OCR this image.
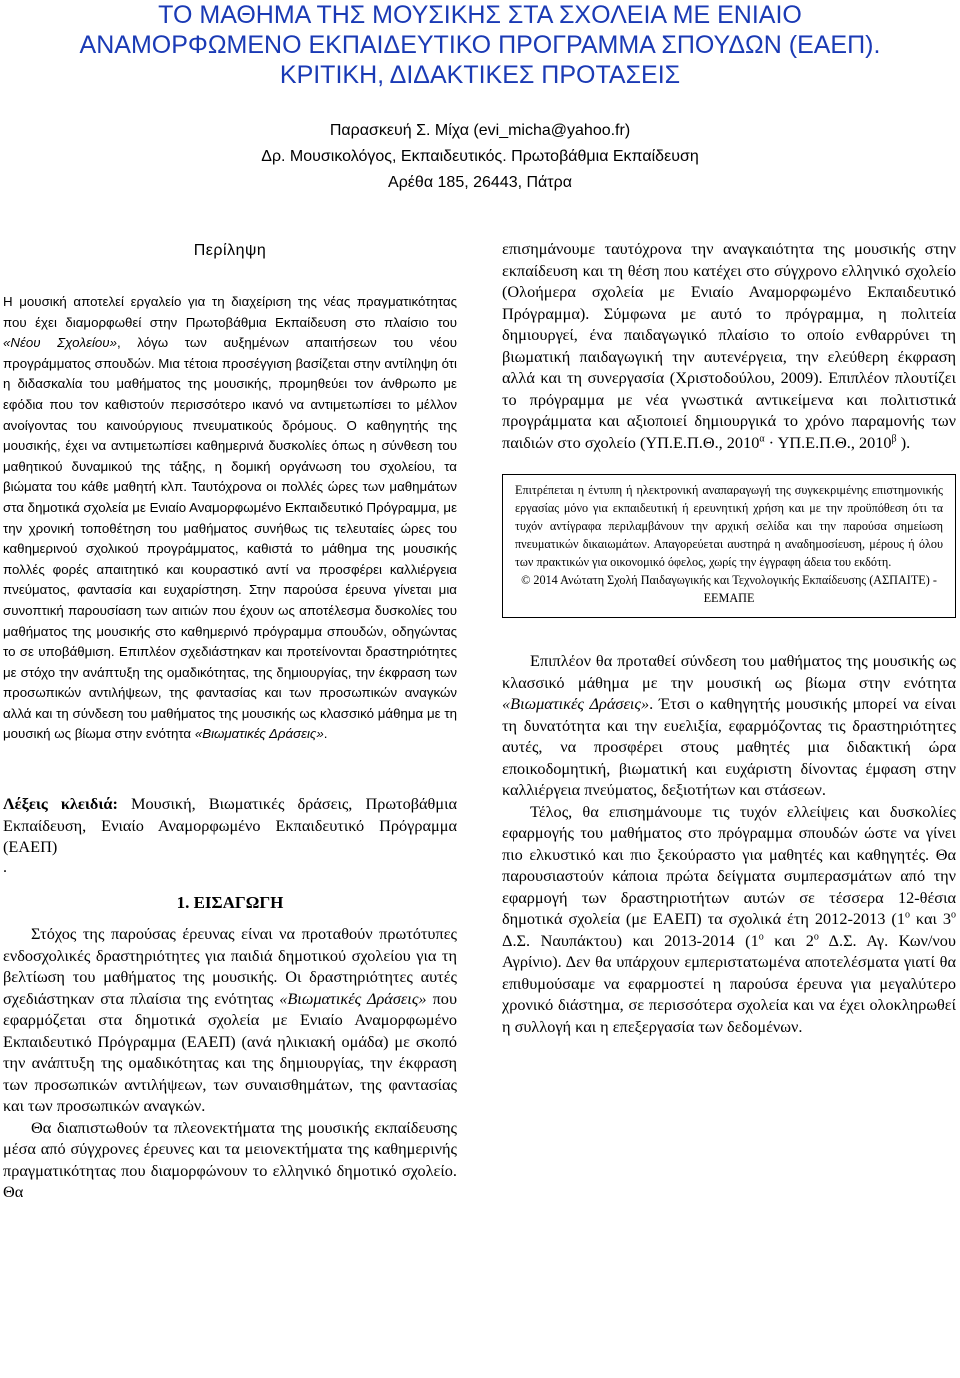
ΤΟ ΜΑΘΗΜΑ ΤΗΣ ΜΟΥΣΙΚΗΣ ΣΤΑ ΣΧΟΛΕΙΑ ΜΕ ΕΝΙΑΙΟ
ΑΝΑΜΟΡΦΩΜΕΝΟ ΕΚΠΑΙΔΕΥΤΙΚΟ ΠΡΟΓΡΑΜΜΑ ΣΠΟΥΔΩΝ (ΕΑΕΠ).
ΚΡΙΤΙΚΗ, ΔΙΔΑΚΤΙΚΕΣ ΠΡΟΤΑΣΕΙΣ
Παρασκευή Σ. Μίχα (evi_micha@yahoo.fr)
Δρ. Μουσικολόγος, Εκπαιδευτικός. Πρωτοβάθμια Εκπαίδευση
Αρέθα 185, 26443, Πάτρα
Περίληψη

Η μουσική αποτελεί εργαλείο για τη διαχείριση της νέας πραγματικότητας που έχει διαμορφωθεί στην Πρωτοβάθμια Εκπαίδευση στο πλαίσιο του «Νέου Σχολείου», λόγω των αυξημένων απαιτήσεων του νέου προγράμματος σπουδών. Μια τέτοια προσέγγιση βασίζεται στην αντίληψη ότι η διδασκαλία του μαθήματος της μουσικής, προμηθεύει τον άνθρωπο με εφόδια που τον καθιστούν περισσότερο ικανό να αντιμετωπίσει το μέλλον ανοίγοντας του καινούργιους πνευματικούς δρόμους. Ο καθηγητής της μουσικής, έχει να αντιμετωπίσει καθημερινά δυσκολίες όπως η σύνθεση του μαθητικού δυναμικού της τάξης, η δομική οργάνωση του σχολείου, τα βιώματα του κάθε μαθητή κλπ. Ταυτόχρονα οι πολλές ώρες των μαθημάτων στα δημοτικά σχολεία με Ενιαίο Αναμορφωμένο Εκπαιδευτικό Πρόγραμμα, με την χρονική τοποθέτηση του μαθήματος συνήθως τις τελευταίες ώρες του καθημερινού σχολικού προγράμματος, καθιστά το μάθημα της μουσικής πολλές φορές απαιτητικό και κουραστικό αντί να προσφέρει καλλιέργεια πνεύματος, φαντασία και ευχαρίστηση. Στην παρούσα έρευνα γίνεται μια συνοπτική παρουσίαση των αιτιών που έχουν ως αποτέλεσμα δυσκολίες του μαθήματος της μουσικής στο καθημερινό πρόγραμμα σπουδών, οδηγώντας το σε υποβάθμιση. Επιπλέον σχεδιάστηκαν και προτείνονται δραστηριότητες με στόχο την ανάπτυξη της ομαδικότητας, της δημιουργίας, την έκφραση των προσωπικών αντιλήψεων, της φαντασίας και των προσωπικών αναγκών αλλά και τη σύνδεση του μαθήματος της μουσικής ως κλασσικό μάθημα με τη μουσική ως βίωμα στην ενότητα «Βιωματικές Δράσεις».

Λέξεις κλειδιά: Μουσική, Βιωματικές δράσεις, Πρωτοβάθμια Εκπαίδευση, Ενιαίο Αναμορφωμένο Εκπαιδευτικό Πρόγραμμα (ΕΑΕΠ)

.

1. ΕΙΣΑΓΩΓΗ

Στόχος της παρούσας έρευνας είναι να προταθούν πρωτότυπες ενδοσχολικές δραστηριότητες για παιδιά δημοτικού σχολείου για τη βελτίωση του μαθήματος της μουσικής. Οι δραστηριότητες αυτές σχεδιάστηκαν στα πλαίσια της ενότητας «Βιωματικές Δράσεις» που εφαρμόζεται στα δημοτικά σχολεία με Ενιαίο Αναμορφωμένο Εκπαιδευτικό Πρόγραμμα (ΕΑΕΠ) (ανά ηλικιακή ομάδα) με σκοπό την ανάπτυξη της ομαδικότητας και της δημιουργίας, την έκφραση των προσωπικών αντιλήψεων, των συναισθημάτων, της φαντασίας και των προσωπικών αναγκών.

Θα διαπιστωθούν τα πλεονεκτήματα της μουσικής εκπαίδευσης μέσα από σύγχρονες έρευνες και τα μειονεκτήματα της καθημερινής πραγματικότητας που διαμορφώνουν το ελληνικό δημοτικό σχολείο. Θα

επισημάνουμε ταυτόχρονα την αναγκαιότητα της μουσικής στην εκπαίδευση και τη θέση που κατέχει στο σύγχρονο ελληνικό σχολείο (Ολοήμερα σχολεία με Ενιαίο Αναμορφωμένο Εκπαιδευτικό Πρόγραμμα). Σύμφωνα με αυτό το πρόγραμμα, η πολιτεία δημιουργεί, ένα παιδαγωγικό πλαίσιο το οποίο ενθαρρύνει τη βιωματική παιδαγωγική την αυτενέργεια, την ελεύθερη έκφραση αλλά και τη συνεργασία (Χριστοδούλου, 2009). Επιπλέον πλουτίζει το πρόγραμμα με νέα γνωστικά αντικείμενα και πολιτιστικά προγράμματα και αξιοποιεί δημιουργικά το χρόνο παραμονής των παιδιών στο σχολείο (ΥΠ.Ε.Π.Θ., $2010^\alpha \cdot \Upsilon\Pi.E.\Pi.\Theta$., $2010^\beta$ ).

Επιτρέπεται η έντυπη ή ηλεκτρονική αναπαραγωγή της συγκεκριμένης επιστημονικής εργασίας μόνο για εκπαιδευτική ή ερευνητική χρήση και με την προϋπόθεση ότι τα τυχόν αντίγραφα περιλαμβάνουν την αρχική σελίδα και την παρούσα σημείωση πνευματικών δικαιωμάτων. Απαγορεύεται αυστηρά η αναδημοσίευση, μέρους ή όλου των πρακτικών για οικονομικό όφελος, χωρίς την έγγραφη άδεια του εκδότη.
© 2014 Ανώτατη Σχολή Παιδαγωγικής και Τεχνολογικής Εκπαίδευσης (ΑΣΠΑΙΤΕ) - ΕΕΜΑΠΕ

Επιπλέον θα προταθεί σύνδεση του μαθήματος της μουσικής ως κλασσικό μάθημα με την μουσική ως βίωμα στην ενότητα «Βιωματικές Δράσεις». Έτσι ο καθηγητής μουσικής μπορεί να είναι τη δυνατότητα και την ευελιξία, εφαρμόζοντας τις δραστηριότητες αυτές, να προσφέρει στους μαθητές μια διδακτική ώρα εποικοδομητική, βιωματική και ευχάριστη δίνοντας έμφαση στην καλλιέργεια πνεύματος, δεξιοτήτων και στάσεων.

Τέλος, θα επισημάνουμε τις τυχόν ελλείψεις και δυσκολίες εφαρμογής του μαθήματος στο πρόγραμμα σπουδών ώστε να γίνει πιο ελκυστικό και πιο ξεκούραστο για μαθητές και καθηγητές. Θα παρουσιαστούν κάποια πρώτα δείγματα συμπερασμάτων από την εφαρμογή των δραστηριοτήτων αυτών σε τέσσερα 12-θέσια δημοτικά σχολεία (με ΕΑΕΠ) τα σχολικά έτη 2012-2013 ($1^o$ και $3^o$ Δ.Σ. Ναυπάκτου) και 2013-2014 ($1^o$ και $2^o$ Δ.Σ. Αγ. Κων/νου Αγρίνιο). Δεν θα υπάρχουν εμπεριστατωμένα αποτελέσματα γιατί θα επιθυμούσαμε να εφαρμοστεί η παρούσα έρευνα για μεγαλύτερο χρονικό διάστημα, σε περισσότερα σχολεία και να έχει ολοκληρωθεί η συλλογή και η επεξεργασία των δεδομένων.
